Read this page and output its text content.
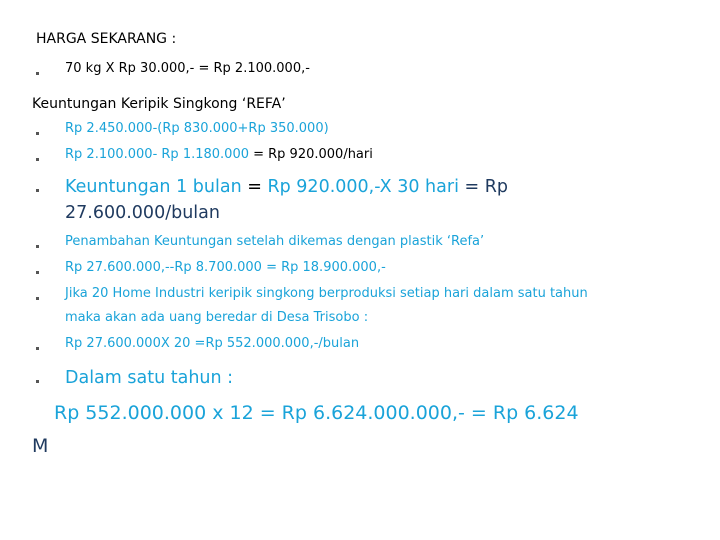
HARGA SEKARANG :
70 kg X Rp 30.000,- = Rp 2.100.000,-
Keuntungan Keripik Singkong ‘REFA’
Rp 2.450.000-(Rp 830.000+Rp 350.000)
Rp 2.100.000- Rp 1.180.000 = Rp 920.000/hari
Keuntungan 1 bulan = Rp 920.000,-X 30 hari = Rp
27.600.000/bulan
Penambahan Keuntungan setelah dikemas dengan plastik ‘Refa’
Rp 27.600.000,--Rp 8.700.000 = Rp 18.900.000,-
Jika 20 Home Industri keripik singkong berproduksi setiap hari dalam satu tahun
maka akan ada uang beredar di Desa Trisobo :
Rp 27.600.000X 20 =Rp 552.000.000,-/bulan
Dalam satu tahun :
Rp 552.000.000 x 12 = Rp 6.624.000.000,- = Rp 6.624
M
